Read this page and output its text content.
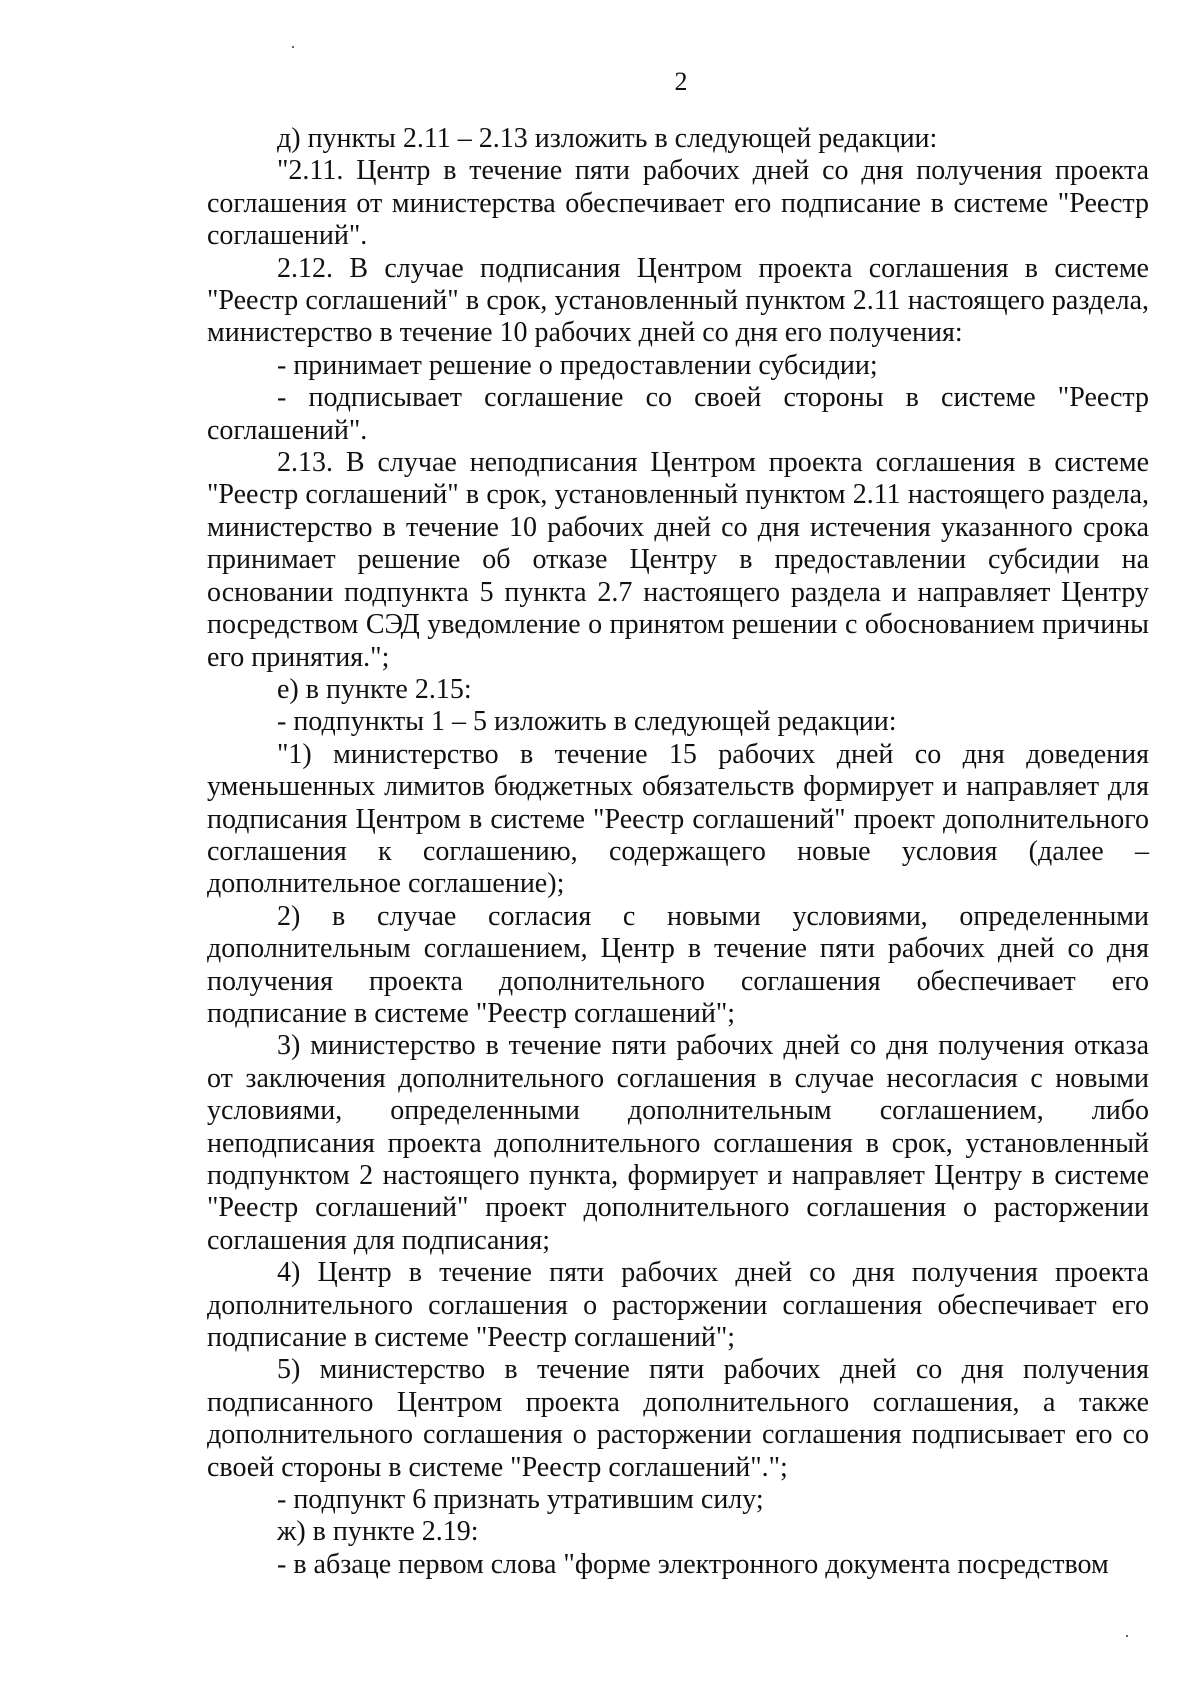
2

д) пункты 2.11 – 2.13 изложить в следующей редакции:

"2.11. Центр в течение пяти рабочих дней со дня получения проекта соглашения от министерства обеспечивает его подписание в системе "Реестр соглашений".

2.12. В случае подписания Центром проекта соглашения в системе "Реестр соглашений" в срок, установленный пунктом 2.11 настоящего раздела, министерство в течение 10 рабочих дней со дня его получения:

- принимает решение о предоставлении субсидии;

- подписывает соглашение со своей стороны в системе "Реестр соглашений".

2.13. В случае неподписания Центром проекта соглашения в системе "Реестр соглашений" в срок, установленный пунктом 2.11 настоящего раздела, министерство в течение 10 рабочих дней со дня истечения указанного срока принимает решение об отказе Центру в предоставлении субсидии на основании подпункта 5 пункта 2.7 настоящего раздела и направляет Центру посредством СЭД уведомление о принятом решении с обоснованием причины его принятия.";

е) в пункте 2.15:

- подпункты 1 – 5 изложить в следующей редакции:

"1) министерство в течение 15 рабочих дней со дня доведения уменьшенных лимитов бюджетных обязательств формирует и направляет для подписания Центром в системе "Реестр соглашений" проект дополнительного соглашения к соглашению, содержащего новые условия (далее – дополнительное соглашение);

2) в случае согласия с новыми условиями, определенными дополнительным соглашением, Центр в течение пяти рабочих дней со дня получения проекта дополнительного соглашения обеспечивает его подписание в системе "Реестр соглашений";

3) министерство в течение пяти рабочих дней со дня получения отказа от заключения дополнительного соглашения в случае несогласия с новыми условиями, определенными дополнительным соглашением, либо неподписания проекта дополнительного соглашения в срок, установленный подпунктом 2 настоящего пункта, формирует и направляет Центру в системе "Реестр соглашений" проект дополнительного соглашения о расторжении соглашения для подписания;

4) Центр в течение пяти рабочих дней со дня получения проекта дополнительного соглашения о расторжении соглашения обеспечивает его подписание в системе "Реестр соглашений";

5) министерство в течение пяти рабочих дней со дня получения подписанного Центром проекта дополнительного соглашения, а также дополнительного соглашения о расторжении соглашения подписывает его со своей стороны в системе "Реестр соглашений".";

- подпункт 6 признать утратившим силу;

ж) в пункте 2.19:

- в абзаце первом слова "форме электронного документа посредством
